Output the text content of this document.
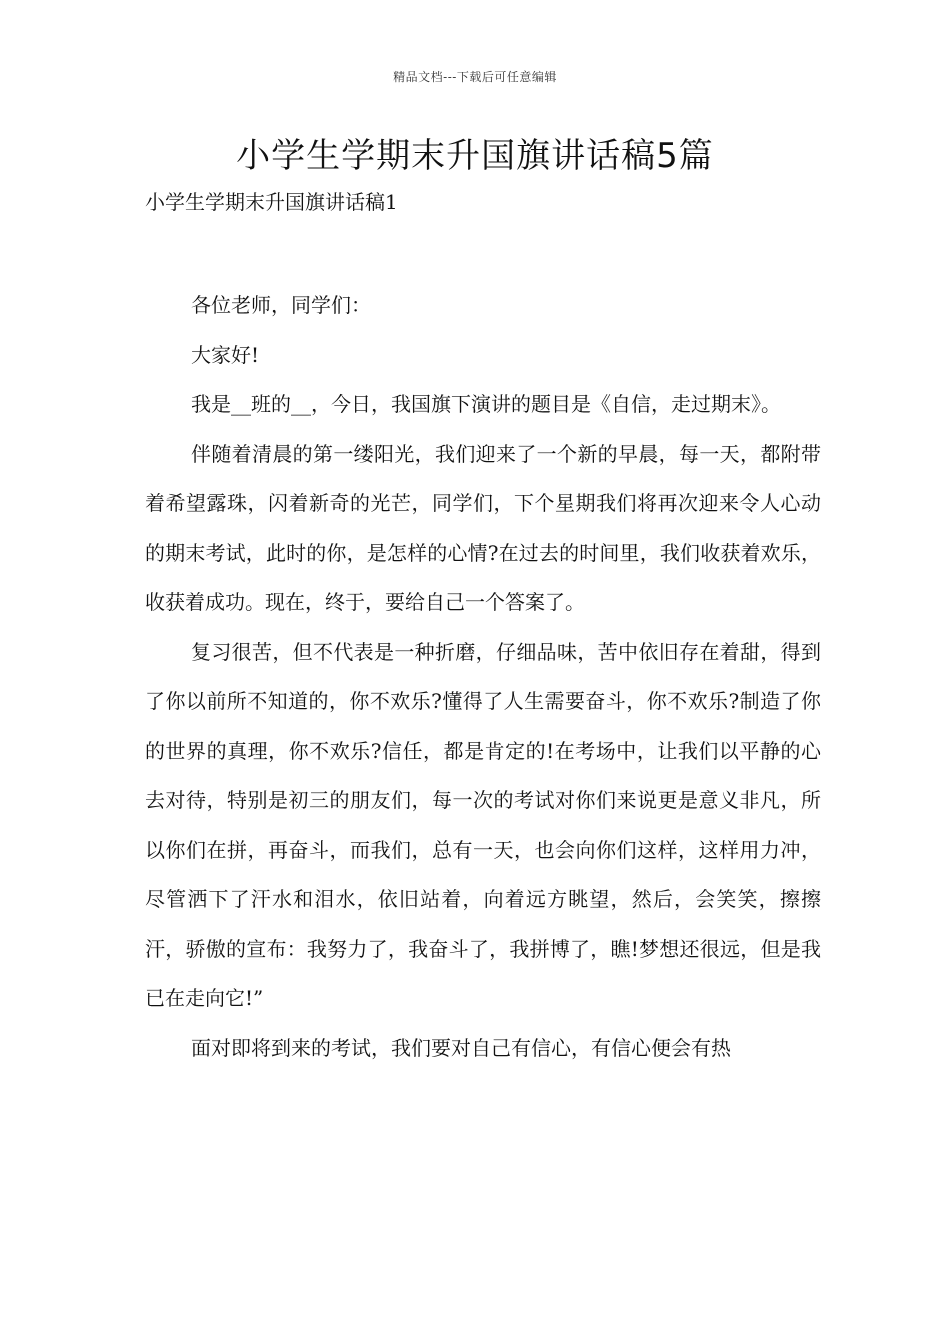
精品文档---下载后可任意编辑
小学生学期末升国旗讲话稿5篇
小学生学期末升国旗讲话稿1

各位老师，同学们：

大家好!

我是__班的__，今日，我国旗下演讲的题目是《自信，走过期末》。

伴随着清晨的第一缕阳光，我们迎来了一个新的早晨，每一天，都附带着希望露珠，闪着新奇的光芒，同学们，下个星期我们将再次迎来令人心动的期末考试，此时的你，是怎样的心情?在过去的时间里，我们收获着欢乐，收获着成功。现在，终于，要给自己一个答案了。

复习很苦，但不代表是一种折磨，仔细品味，苦中依旧存在着甜，得到了你以前所不知道的，你不欢乐?懂得了人生需要奋斗，你不欢乐?制造了你的世界的真理，你不欢乐?信任，都是肯定的!在考场中，让我们以平静的心去对待，特别是初三的朋友们，每一次的考试对你们来说更是意义非凡，所以你们在拼，再奋斗，而我们，总有一天，也会向你们这样，这样用力冲，尽管洒下了汗水和泪水，依旧站着，向着远方眺望，然后，会笑笑，擦擦汗，骄傲的宣布：我努力了，我奋斗了，我拼博了，瞧!梦想还很远，但是我已在走向它!”

面对即将到来的考试，我们要对自己有信心，有信心便会有热
